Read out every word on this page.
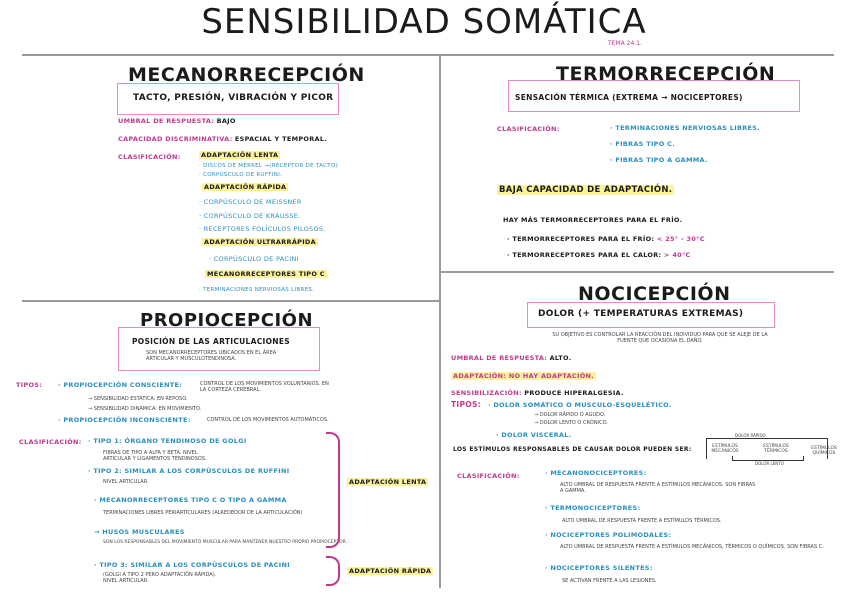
SENSIBILIDAD SOMÁTICA
TEMA 24.1.
MECANORRECEPCIÓN
TACTO, PRESIÓN, VIBRACIÓN Y PICOR
UMBRAL DE RESPUESTA: BAJO
CAPACIDAD DISCRIMINATIVA: ESPACIAL Y TEMPORAL.
CLASIFICACIÓN:	ADAPTACIÓN LENTA
· DISCOS DE MERKEL →(RECEPTOR DE TACTO)
· CORPÚSCULO DE RUFFINI.
ADAPTACIÓN RÁPIDA
· CORPÚSCULO DE MEISSNER
· CORPÚSCULO DE KRAUSSE.
· RECEPTORES FOLÍCULOS PILOSOS.
ADAPTACIÓN ULTRARRÁPIDA
· CORPÚSCULO DE PACINI
MECANORRECEPTORES TIPO C
· TERMINACIONES NERVIOSAS LIBRES.
TERMORRECEPCIÓN
SENSACIÓN TÉRMICA (EXTREMA → NOCICEPTORES)
CLASIFICACIÓN:	· TERMINACIONES NERVIOSAS LIBRES.
· FIBRAS TIPO C.
· FIBRAS TIPO A GAMMA.
BAJA CAPACIDAD DE ADAPTACIÓN.
HAY MÁS TERMORRECEPTORES PARA EL FRÍO.
· TERMORRECEPTORES PARA EL FRÍO: < 25° - 30°C
· TERMORRECEPTORES PARA EL CALOR: > 40°C
PROPIOCEPCIÓN
POSICIÓN DE LAS ARTICULACIONES
SON MECANORRECEPTORES UBICADOS EN EL ÁREA ARTICULAR Y MUSCULOTENDINOSA.
TIPOS: · PROPIOCEPCIÓN CONSCIENTE:	CONTROL DE LOS MOVIMIENTOS VOLUNTARIOS. EN LA CORTEZA CEREBRAL.
→ SENSIBILIDAD ESTÁTICA: EN REPOSO.
→ SENSIBILIDAD DINÁMICA: EN MOVIMIENTO.
· PROPIOCEPCIÓN INCONSCIENTE:	CONTROL DE LOS MOVIMIENTOS AUTOMÁTICOS.
CLASIFICACIÓN: · TIPO 1: ÓRGANO TENDINOSO DE GOLGI
FIBRAS DE TIPO A ALFA Y BETA. NIVEL ARTICULAR Y LIGAMENTOS TENDINOSOS.
· TIPO 2: SIMILAR A LOS CORPÚSCULOS DE RUFFINI
NIVEL ARTICULAR.
· MECANORRECEPTORES TIPO C O TIPO A GAMMA
TERMINACIONES LIBRES PERIARTICULARES (ALREDEDOR DE LA ARTICULACIÓN)
→ HUSOS MUSCULARES
SON LOS RESPONSABLES DEL MOVIMIENTO MUSCULAR PARA MANTENER NUESTRO PROPIO PROPIOCEPTOR.
· TIPO 3: SIMILAR A LOS CORPÚSCULOS DE PACINI
(GOLGI A TIPO 2 PERO ADAPTACIÓN RÁPIDA). NIVEL ARTICULAR.
ADAPTACIÓN LENTA
ADAPTACIÓN RÁPIDA
NOCICEPCIÓN
DOLOR (+ TEMPERATURAS EXTREMAS)
SU OBJETIVO ES CONTROLAR LA REACCIÓN DEL INDIVIDUO PARA QUE SE ALEJE DE LA FUENTE QUE OCASIONA EL DAÑO.
UMBRAL DE RESPUESTA: ALTO.
ADAPTACIÓN: NO HAY ADAPTACIÓN.
SENSIBILIZACIÓN: PRODUCE HIPERALGESIA.
TIPOS: · DOLOR SOMÁTICO O MUSCULO-ESQUELÉTICO.
→ DOLOR RÁPIDO O AGUDO.
→ DOLOR LENTO O CRÓNICO.
· DOLOR VISCERAL.
LOS ESTÍMULOS RESPONSABLES DE CAUSAR DOLOR PUEDEN SER:
DOLOR RÁPIDO
ESTÍMULOS MECÁNICOS
ESTÍMULOS TÉRMICOS
ESTÍMULOS QUÍMICOS
DOLOR LENTO
CLASIFICACIÓN:	· MECANONOCICEPTORES:
ALTO UMBRAL DE RESPUESTA FRENTE A ESTÍMULOS MECÁNICOS. SON FIBRAS A GAMMA.
· TERMONOCICEPTORES:
ALTO UMBRAL DE RESPUESTA FRENTE A ESTÍMULOS TÉRMICOS.
· NOCICEPTORES POLIMODALES:
ALTO UMBRAL DE RESPUESTA FRENTE A ESTÍMULOS MECÁNICOS, TÉRMICOS O QUÍMICOS. SON FIBRAS C.
· NOCICEPTORES SILENTES:
SE ACTIVAN FRENTE A LAS LESIONES.
